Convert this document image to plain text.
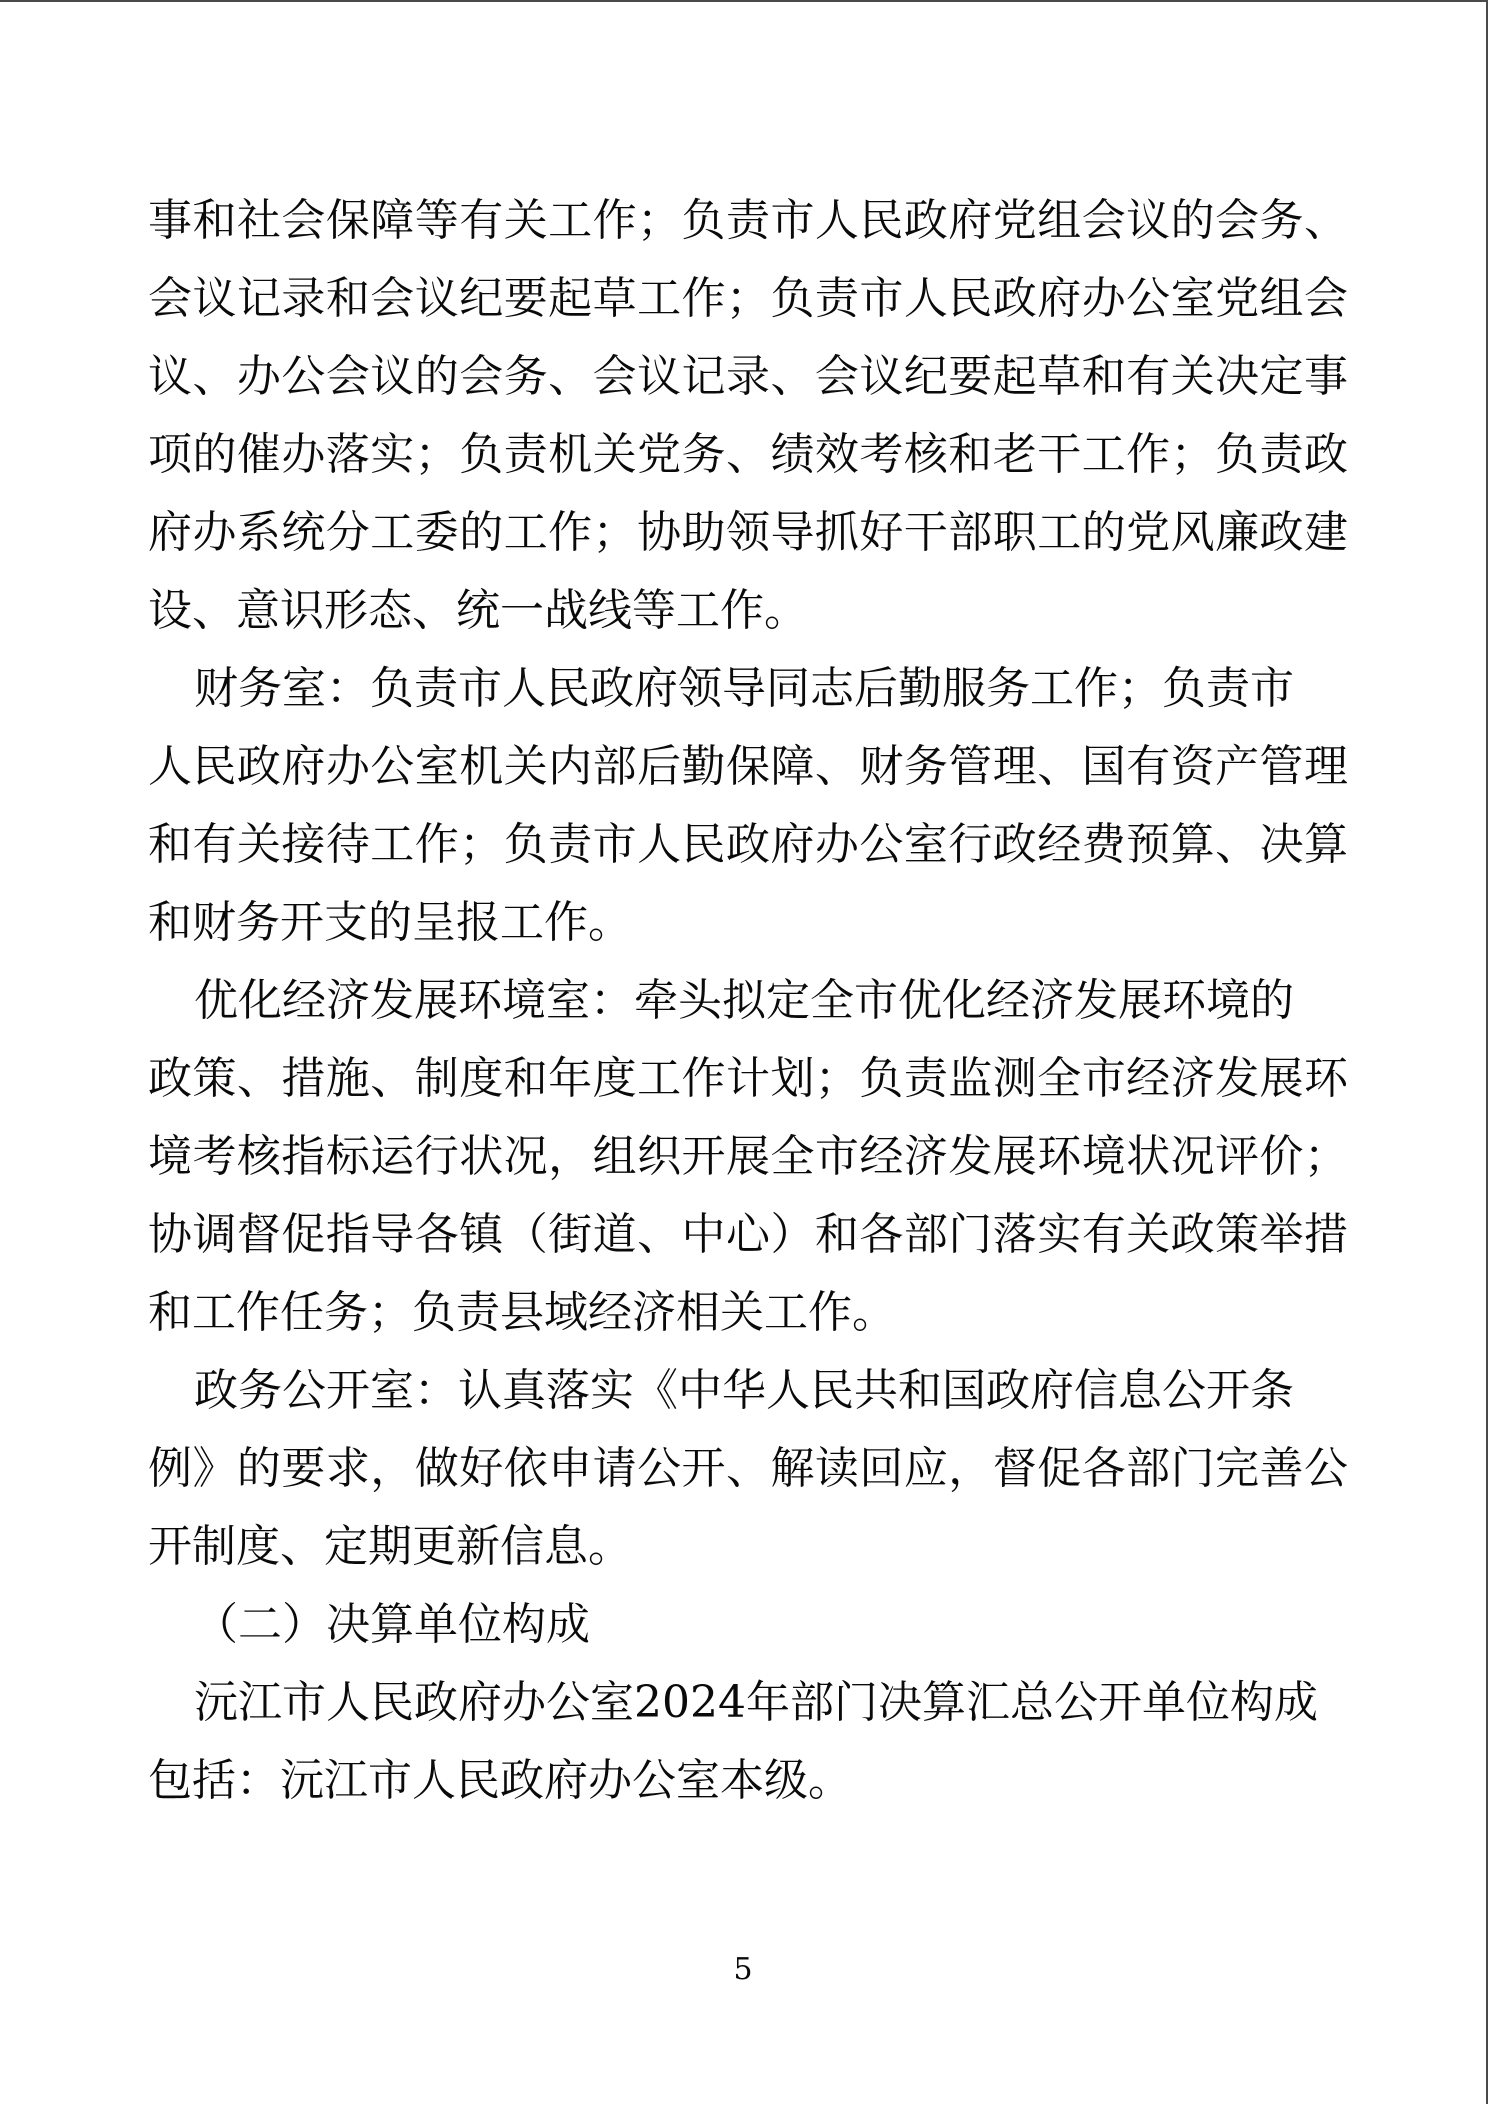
事和社会保障等有关工作；负责市人民政府党组会议的会务、
会议记录和会议纪要起草工作；负责市人民政府办公室党组会
议、办公会议的会务、会议记录、会议纪要起草和有关决定事
项的催办落实；负责机关党务、绩效考核和老干工作；负责政
府办系统分工委的工作；协助领导抓好干部职工的党风廉政建
设、意识形态、统一战线等工作。
财务室：负责市人民政府领导同志后勤服务工作；负责市
人民政府办公室机关内部后勤保障、财务管理、国有资产管理
和有关接待工作；负责市人民政府办公室行政经费预算、决算
和财务开支的呈报工作。
优化经济发展环境室：牵头拟定全市优化经济发展环境的
政策、措施、制度和年度工作计划；负责监测全市经济发展环
境考核指标运行状况，组织开展全市经济发展环境状况评价；
协调督促指导各镇（街道、中心）和各部门落实有关政策举措
和工作任务；负责县域经济相关工作。
政务公开室：认真落实《中华人民共和国政府信息公开条
例》的要求，做好依申请公开、解读回应，督促各部门完善公
开制度、定期更新信息。
（二）决算单位构成
沅江市人民政府办公室2024年部门决算汇总公开单位构成
包括：沅江市人民政府办公室本级。
5
